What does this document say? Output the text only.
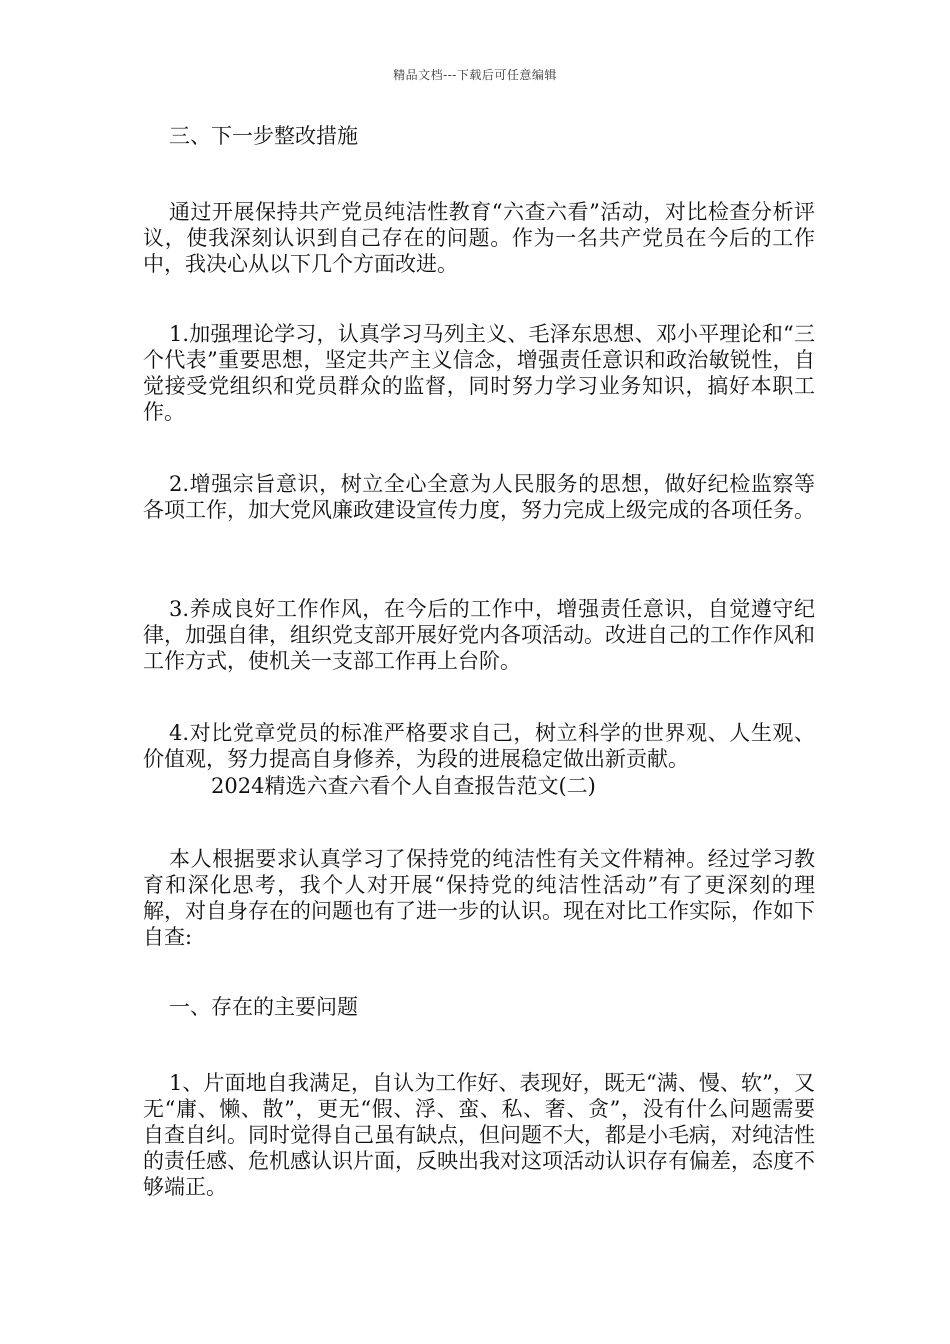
精品文档---下载后可任意编辑

三、下一步整改措施

通过开展保持共产党员纯洁性教育“六查六看”活动，对比检查分析评议，使我深刻认识到自己存在的问题。作为一名共产党员在今后的工作中，我决心从以下几个方面改进。

1.加强理论学习，认真学习马列主义、毛泽东思想、邓小平理论和“三个代表”重要思想，坚定共产主义信念，增强责任意识和政治敏锐性，自觉接受党组织和党员群众的监督，同时努力学习业务知识，搞好本职工作。

2.增强宗旨意识，树立全心全意为人民服务的思想，做好纪检监察等各项工作，加大党风廉政建设宣传力度，努力完成上级完成的各项任务。

3.养成良好工作作风，在今后的工作中，增强责任意识，自觉遵守纪律，加强自律，组织党支部开展好党内各项活动。改进自己的工作作风和工作方式，使机关一支部工作再上台阶。

4.对比党章党员的标准严格要求自己，树立科学的世界观、人生观、价值观，努力提高自身修养，为段的进展稳定做出新贡献。

2024精选六查六看个人自查报告范文(二)

本人根据要求认真学习了保持党的纯洁性有关文件精神。经过学习教育和深化思考，我个人对开展“保持党的纯洁性活动”有了更深刻的理解，对自身存在的问题也有了进一步的认识。现在对比工作实际，作如下自查:

一、存在的主要问题

1、片面地自我满足，自认为工作好、表现好，既无“满、慢、软”，又无“庸、懒、散”，更无“假、浮、蛮、私、奢、贪”，没有什么问题需要自查自纠。同时觉得自己虽有缺点，但问题不大，都是小毛病，对纯洁性的责任感、危机感认识片面，反映出我对这项活动认识存有偏差，态度不够端正。
